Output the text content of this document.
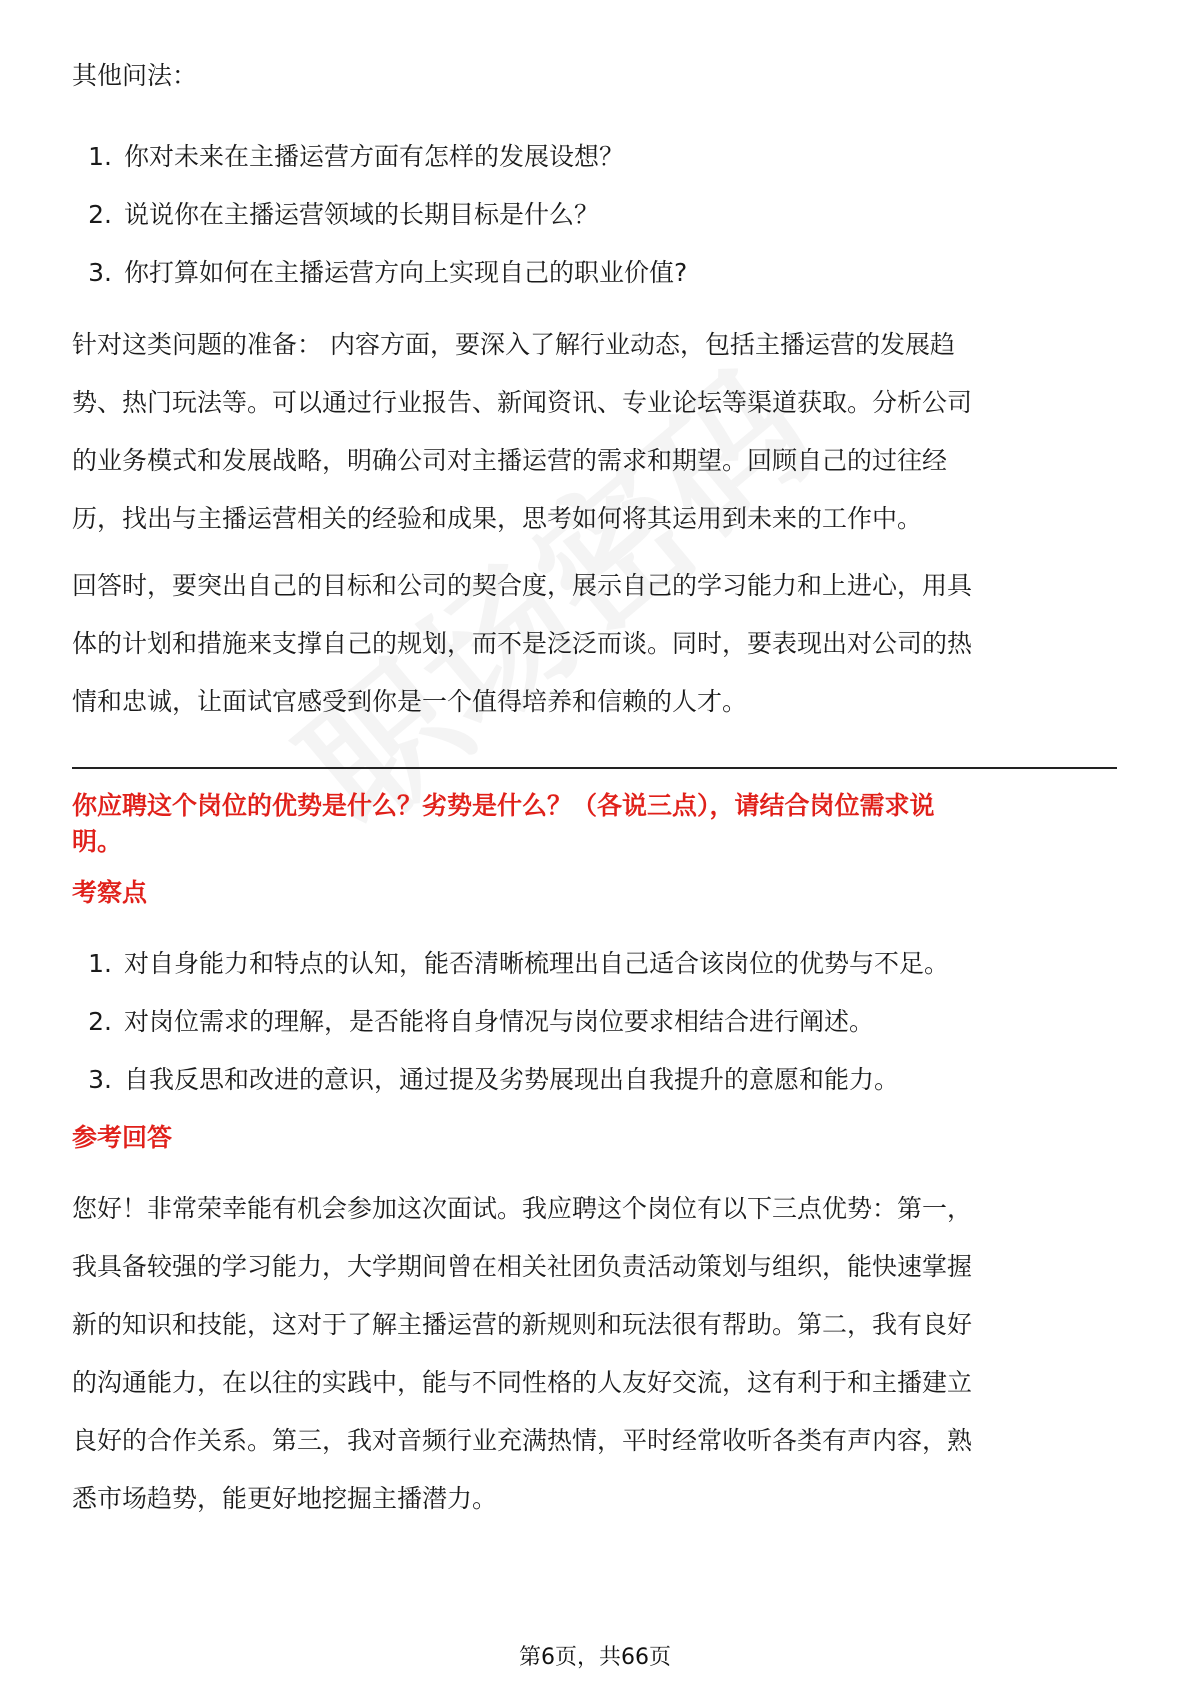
其他问法：
1. 你对未来在主播运营方面有怎样的发展设想？
2. 说说你在主播运营领域的长期目标是什么？
3. 你打算如何在主播运营方向上实现自己的职业价值?
针对这类问题的准备： 内容方面，要深入了解行业动态，包括主播运营的发展趋
势、热门玩法等。可以通过行业报告、新闻资讯、专业论坛等渠道获取。分析公司
的业务模式和发展战略，明确公司对主播运营的需求和期望。回顾自己的过往经
历，找出与主播运营相关的经验和成果，思考如何将其运用到未来的工作中。
回答时，要突出自己的目标和公司的契合度，展示自己的学习能力和上进心，用具
体的计划和措施来支撑自己的规划，而不是泛泛而谈。同时，要表现出对公司的热
情和忠诚，让面试官感受到你是一个值得培养和信赖的人才。
你应聘这个岗位的优势是什么？劣势是什么？（各说三点），请结合岗位需求说
明。
考察点
1. 对自身能力和特点的认知，能否清晰梳理出自己适合该岗位的优势与不足。
2. 对岗位需求的理解，是否能将自身情况与岗位要求相结合进行阐述。
3. 自我反思和改进的意识，通过提及劣势展现出自我提升的意愿和能力。
参考回答
您好！非常荣幸能有机会参加这次面试。我应聘这个岗位有以下三点优势：第一，
我具备较强的学习能力，大学期间曾在相关社团负责活动策划与组织，能快速掌握
新的知识和技能，这对于了解主播运营的新规则和玩法很有帮助。第二，我有良好
的沟通能力，在以往的实践中，能与不同性格的人友好交流，这有利于和主播建立
良好的合作关系。第三，我对音频行业充满热情，平时经常收听各类有声内容，熟
悉市场趋势，能更好地挖掘主播潜力。
第6页，共66页
